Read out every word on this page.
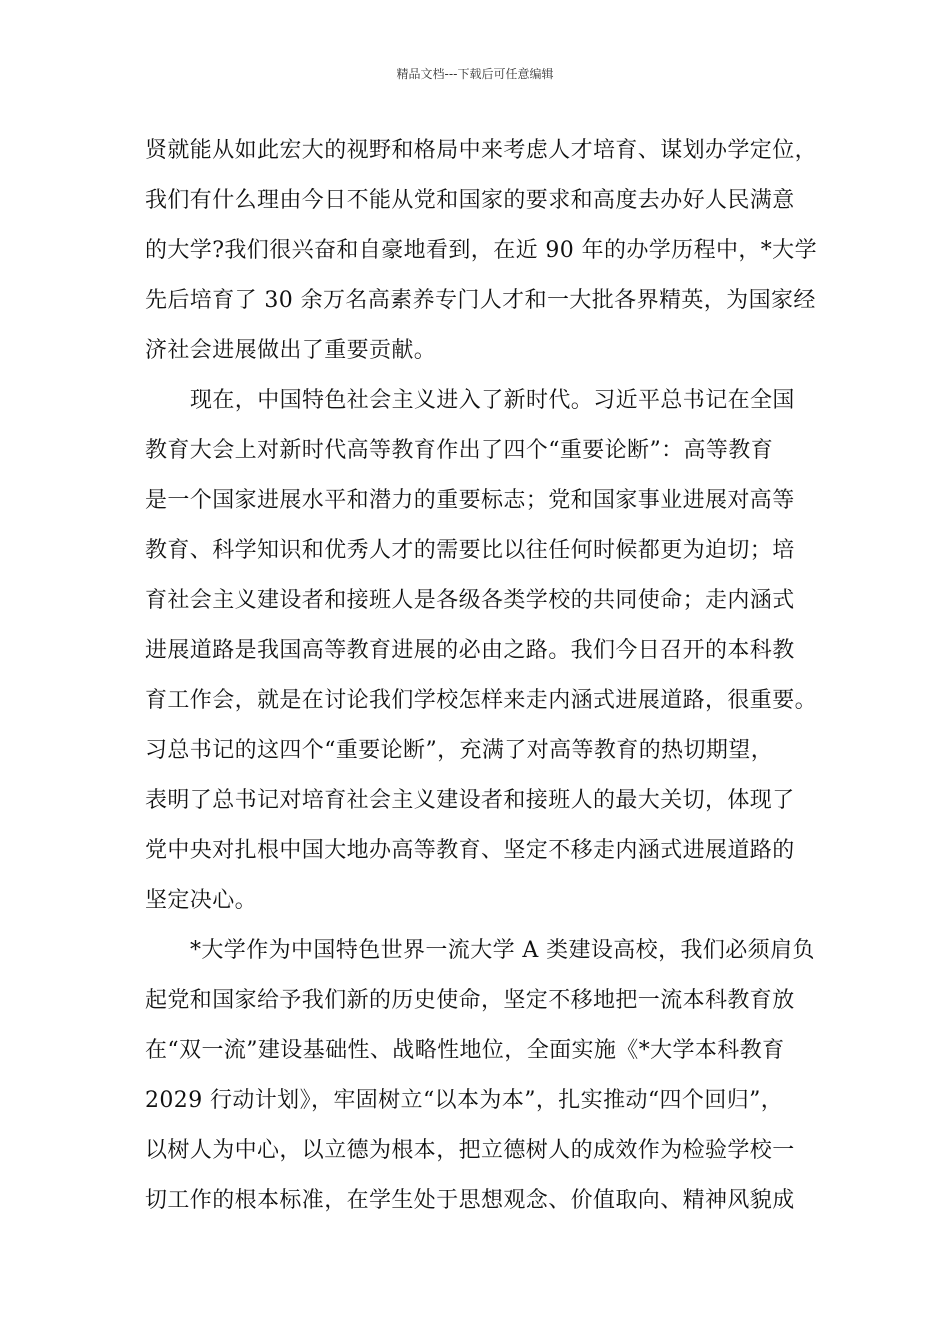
精品文档---下载后可任意编辑
贤就能从如此宏大的视野和格局中来考虑人才培育、谋划办学定位，
我们有什么理由今日不能从党和国家的要求和高度去办好人民满意
的大学?我们很兴奋和自豪地看到，在近 90 年的办学历程中，*大学
先后培育了 30 余万名高素养专门人才和一大批各界精英，为国家经
济社会进展做出了重要贡献。
现在，中国特色社会主义进入了新时代。习近平总书记在全国
教育大会上对新时代高等教育作出了四个“重要论断”：高等教育
是一个国家进展水平和潜力的重要标志；党和国家事业进展对高等
教育、科学知识和优秀人才的需要比以往任何时候都更为迫切；培
育社会主义建设者和接班人是各级各类学校的共同使命；走内涵式
进展道路是我国高等教育进展的必由之路。我们今日召开的本科教
育工作会，就是在讨论我们学校怎样来走内涵式进展道路，很重要。
习总书记的这四个“重要论断”，充满了对高等教育的热切期望，
表明了总书记对培育社会主义建设者和接班人的最大关切，体现了
党中央对扎根中国大地办高等教育、坚定不移走内涵式进展道路的
坚定决心。
*大学作为中国特色世界一流大学 A 类建设高校，我们必须肩负
起党和国家给予我们新的历史使命，坚定不移地把一流本科教育放
在“双一流”建设基础性、战略性地位，全面实施《*大学本科教育
2029 行动计划》，牢固树立“以本为本”，扎实推动“四个回归”，
以树人为中心，以立德为根本，把立德树人的成效作为检验学校一
切工作的根本标准，在学生处于思想观念、价值取向、精神风貌成
